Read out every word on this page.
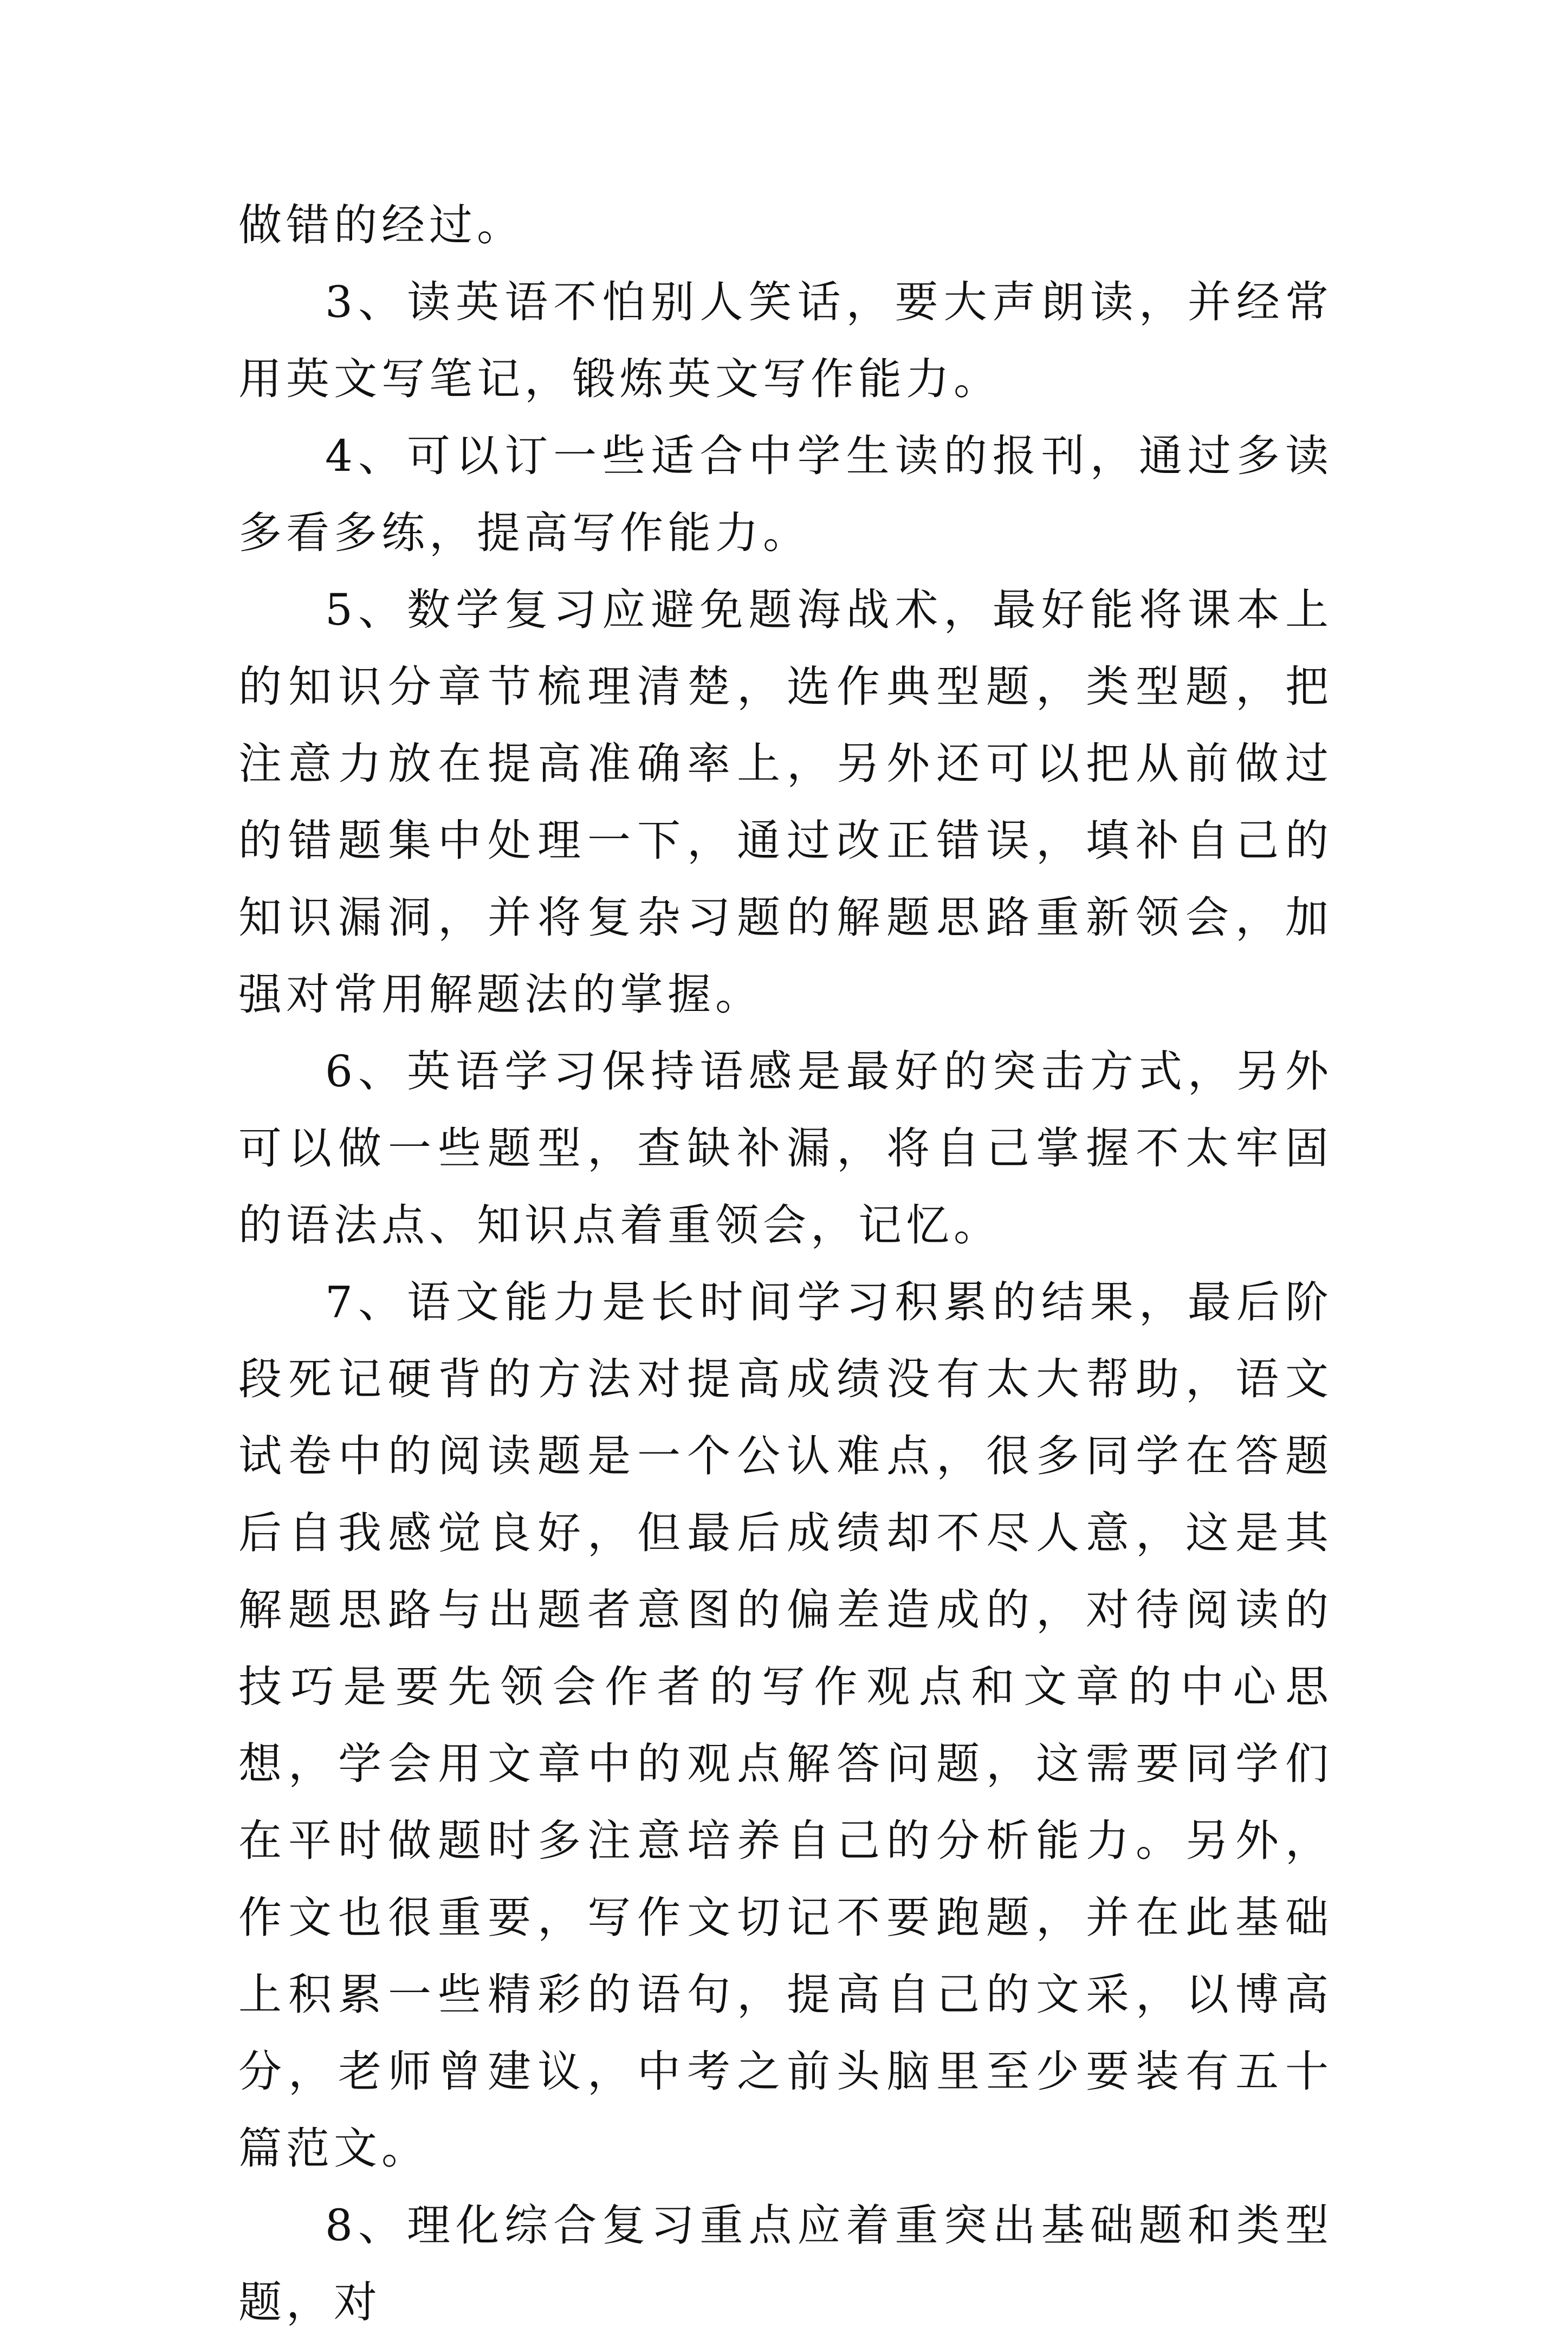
做错的经过。

3、读英语不怕别人笑话，要大声朗读，并经常用英文写笔记，锻炼英文写作能力。

4、可以订一些适合中学生读的报刊，通过多读多看多练，提高写作能力。

5、数学复习应避免题海战术，最好能将课本上的知识分章节梳理清楚，选作典型题，类型题，把注意力放在提高准确率上，另外还可以把从前做过的错题集中处理一下，通过改正错误，填补自己的知识漏洞，并将复杂习题的解题思路重新领会，加强对常用解题法的掌握。

6、英语学习保持语感是最好的突击方式，另外可以做一些题型，查缺补漏，将自己掌握不太牢固的语法点、知识点着重领会，记忆。

7、语文能力是长时间学习积累的结果，最后阶段死记硬背的方法对提高成绩没有太大帮助，语文试卷中的阅读题是一个公认难点，很多同学在答题后自我感觉良好，但最后成绩却不尽人意，这是其解题思路与出题者意图的偏差造成的，对待阅读的技巧是要先领会作者的写作观点和文章的中心思想，学会用文章中的观点解答问题，这需要同学们在平时做题时多注意培养自己的分析能力。另外，作文也很重要，写作文切记不要跑题，并在此基础上积累一些精彩的语句，提高自己的文采，以博高分，老师曾建议，中考之前头脑里至少要装有五十篇范文。

8、理化综合复习重点应着重突出基础题和类型题，对
